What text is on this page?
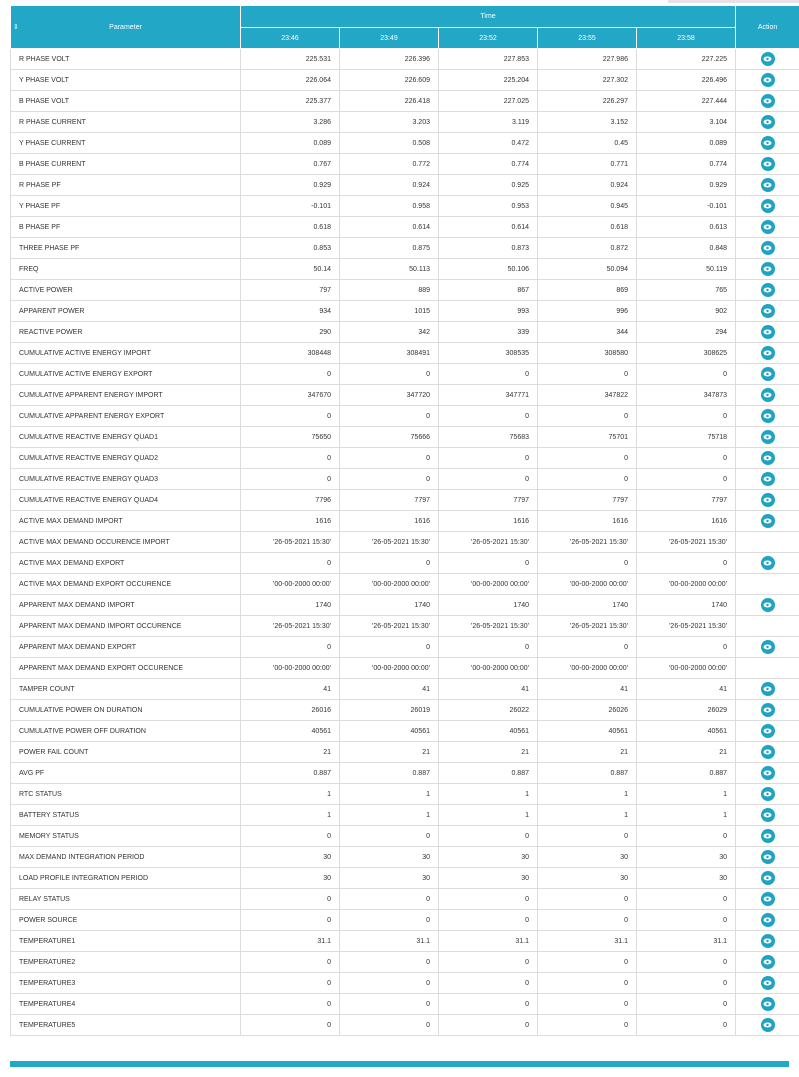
⇕ Parameter	Time					Action
	23:46	23:49	23:52	23:55	23:58	
R PHASE VOLT	225.531	226.396	227.853	227.986	227.225	

Y PHASE VOLT	226.064	226.609	225.204	227.302	226.496	

B PHASE VOLT	225.377	226.418	227.025	226.297	227.444	

R PHASE CURRENT	3.286	3.203	3.119	3.152	3.104	

Y PHASE CURRENT	0.089	0.508	0.472	0.45	0.089	

B PHASE CURRENT	0.767	0.772	0.774	0.771	0.774	

R PHASE PF	0.929	0.924	0.925	0.924	0.929	

Y PHASE PF	-0.101	0.958	0.953	0.945	-0.101	

B PHASE PF	0.618	0.614	0.614	0.618	0.613	

THREE PHASE PF	0.853	0.875	0.873	0.872	0.848	

FREQ	50.14	50.113	50.106	50.094	50.119	

ACTIVE POWER	797	889	867	869	765	

APPARENT POWER	934	1015	993	996	902	

REACTIVE POWER	290	342	339	344	294	

CUMULATIVE ACTIVE ENERGY IMPORT	308448	308491	308535	308580	308625	

CUMULATIVE ACTIVE ENERGY EXPORT	0	0	0	0	0	

CUMULATIVE APPARENT ENERGY IMPORT	347670	347720	347771	347822	347873	

CUMULATIVE APPARENT ENERGY EXPORT	0	0	0	0	0	

CUMULATIVE REACTIVE ENERGY QUAD1	75650	75666	75683	75701	75718	

CUMULATIVE REACTIVE ENERGY QUAD2	0	0	0	0	0	

CUMULATIVE REACTIVE ENERGY QUAD3	0	0	0	0	0	

CUMULATIVE REACTIVE ENERGY QUAD4	7796	7797	7797	7797	7797	

ACTIVE MAX DEMAND IMPORT	1616	1616	1616	1616	1616	

ACTIVE MAX DEMAND OCCURENCE IMPORT	'26-05-2021 15:30'	'26-05-2021 15:30'	'26-05-2021 15:30'	'26-05-2021 15:30'	'26-05-2021 15:30'	
ACTIVE MAX DEMAND EXPORT	0	0	0	0	0	

ACTIVE MAX DEMAND EXPORT OCCURENCE	'00-00-2000 00:00'	'00-00-2000 00:00'	'00-00-2000 00:00'	'00-00-2000 00:00'	'00-00-2000 00:00'	
APPARENT MAX DEMAND IMPORT	1740	1740	1740	1740	1740	

APPARENT MAX DEMAND IMPORT OCCURENCE	'26-05-2021 15:30'	'26-05-2021 15:30'	'26-05-2021 15:30'	'26-05-2021 15:30'	'26-05-2021 15:30'	
APPARENT MAX DEMAND EXPORT	0	0	0	0	0	

APPARENT MAX DEMAND EXPORT OCCURENCE	'00-00-2000 00:00'	'00-00-2000 00:00'	'00-00-2000 00:00'	'00-00-2000 00:00'	'00-00-2000 00:00'	
TAMPER COUNT	41	41	41	41	41	

CUMULATIVE POWER ON DURATION	26016	26019	26022	26026	26029	

CUMULATIVE POWER OFF DURATION	40561	40561	40561	40561	40561	

POWER FAIL COUNT	21	21	21	21	21	

AVG PF	0.887	0.887	0.887	0.887	0.887	

RTC STATUS	1	1	1	1	1	

BATTERY STATUS	1	1	1	1	1	

MEMORY STATUS	0	0	0	0	0	

MAX DEMAND INTEGRATION PERIOD	30	30	30	30	30	

LOAD PROFILE INTEGRATION PERIOD	30	30	30	30	30	

RELAY STATUS	0	0	0	0	0	

POWER SOURCE	0	0	0	0	0	

TEMPERATURE1	31.1	31.1	31.1	31.1	31.1	

TEMPERATURE2	0	0	0	0	0	

TEMPERATURE3	0	0	0	0	0	

TEMPERATURE4	0	0	0	0	0	

TEMPERATURE5	0	0	0	0	0	
